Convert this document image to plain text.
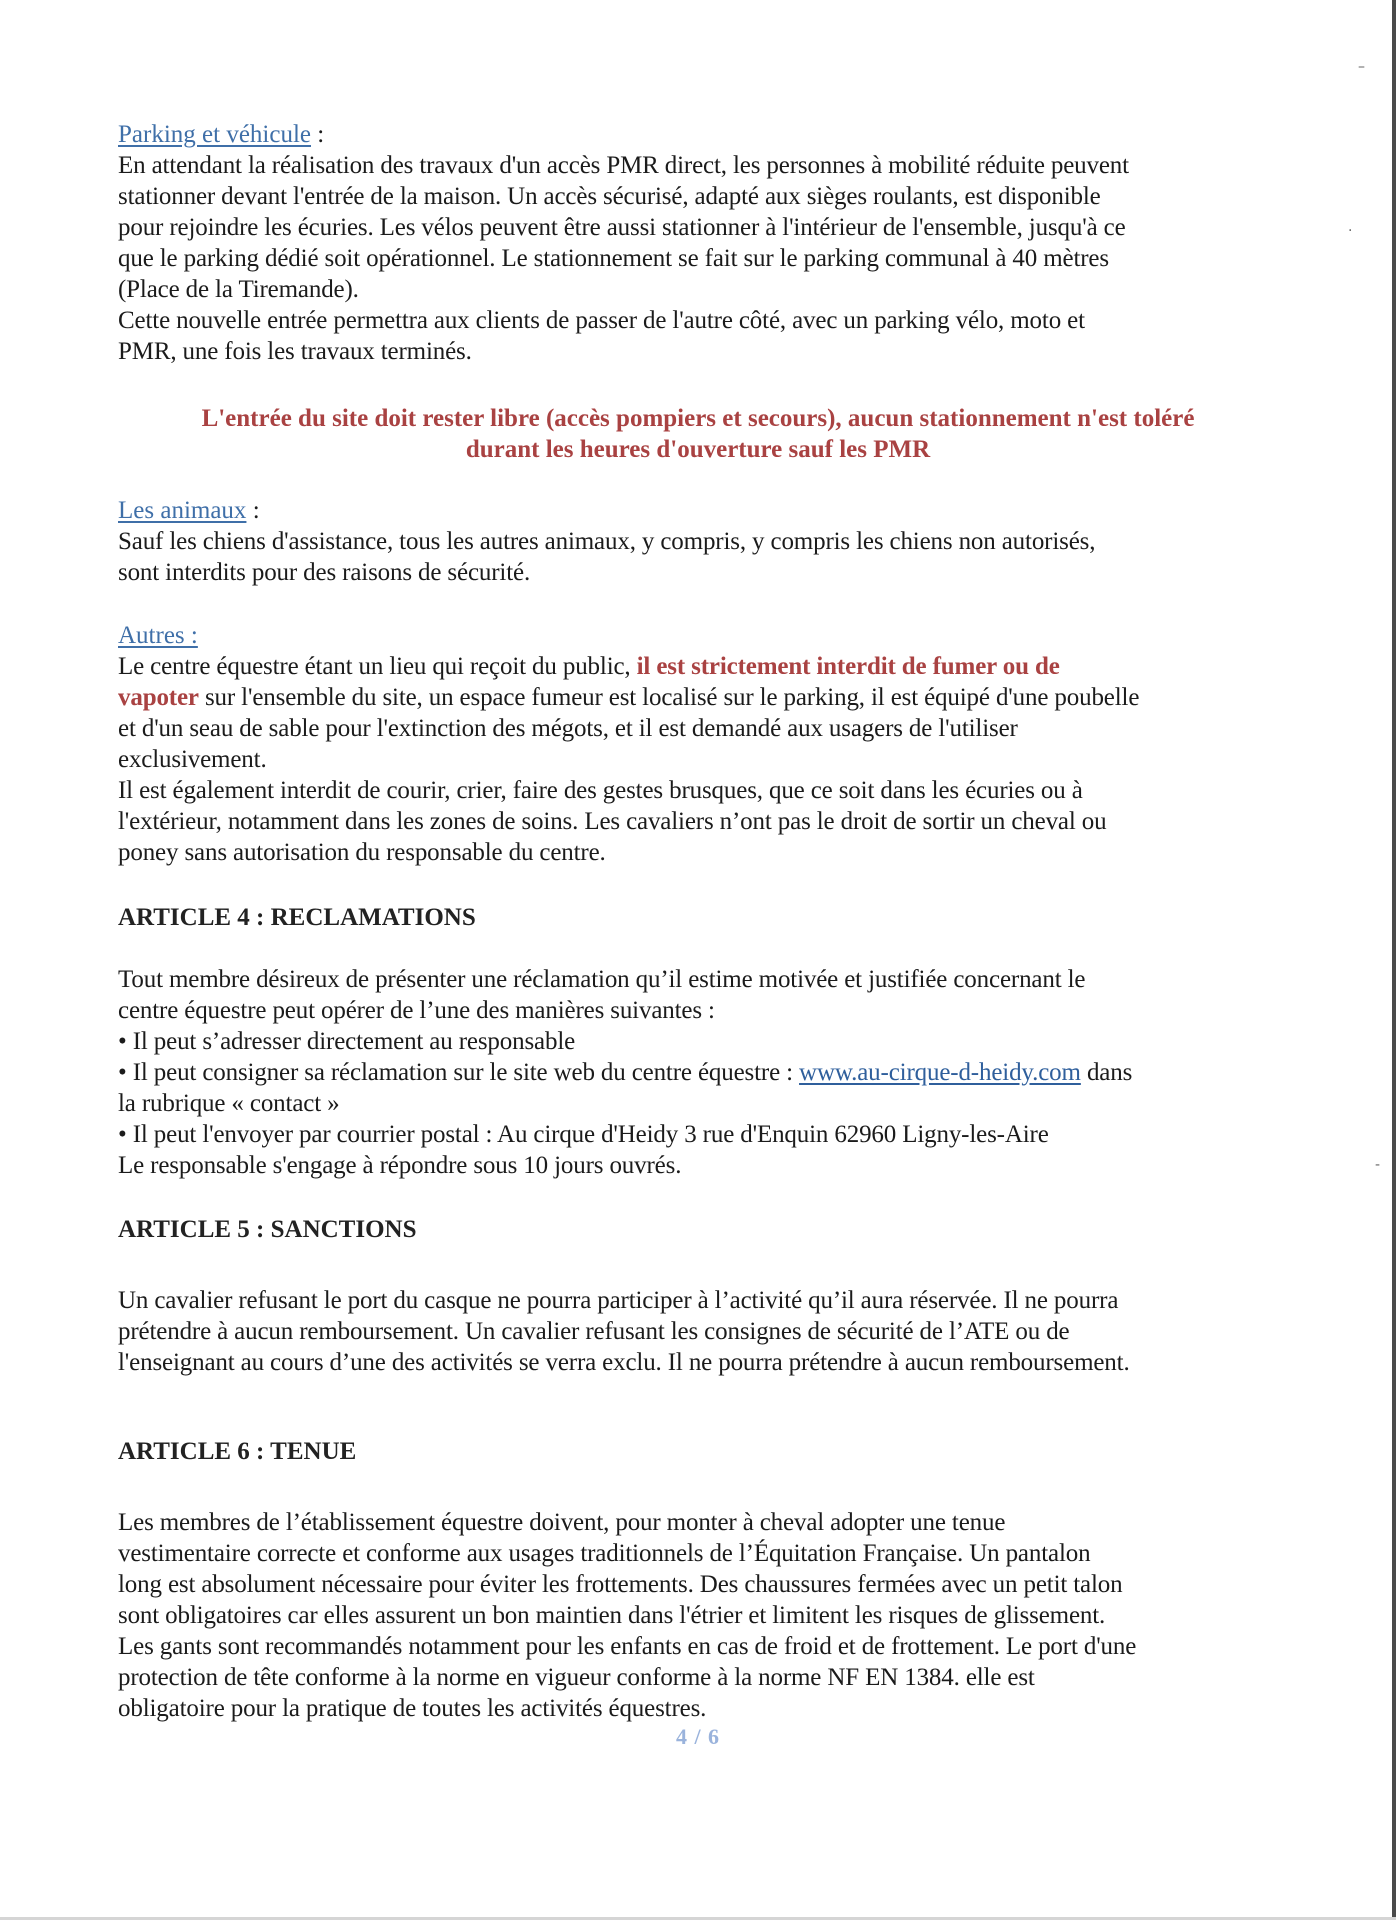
–
·
-
Parking et véhicule :
En attendant la réalisation des travaux d'un accès PMR direct, les personnes à mobilité réduite peuvent
stationner devant l'entrée de la maison. Un accès sécurisé, adapté aux sièges roulants, est disponible
pour rejoindre les écuries. Les vélos peuvent être aussi stationner à l'intérieur de l'ensemble, jusqu'à ce
que le parking dédié soit opérationnel. Le stationnement se fait sur le parking communal à 40 mètres
(Place de la Tiremande).
Cette nouvelle entrée permettra aux clients de passer de l'autre côté, avec un parking vélo, moto et
PMR, une fois les travaux terminés.
L'entrée du site doit rester libre (accès pompiers et secours), aucun stationnement n'est toléré
durant les heures d'ouverture sauf les PMR
Les animaux :
Sauf les chiens d'assistance, tous les autres animaux, y compris, y compris les chiens non autorisés,
sont interdits pour des raisons de sécurité.
Autres :
Le centre équestre étant un lieu qui reçoit du public, il est strictement interdit de fumer ou de
vapoter sur l'ensemble du site, un espace fumeur est localisé sur le parking, il est équipé d'une poubelle
et d'un seau de sable pour l'extinction des mégots, et il est demandé aux usagers de l'utiliser
exclusivement.
Il est également interdit de courir, crier, faire des gestes brusques, que ce soit dans les écuries ou à
l'extérieur, notamment dans les zones de soins. Les cavaliers n’ont pas le droit de sortir un cheval ou
poney sans autorisation du responsable du centre.
ARTICLE 4 : RECLAMATIONS
Tout membre désireux de présenter une réclamation qu’il estime motivée et justifiée concernant le
centre équestre peut opérer de l’une des manières suivantes :
• Il peut s’adresser directement au responsable
• Il peut consigner sa réclamation sur le site web du centre équestre : www.au-cirque-d-heidy.com dans
la rubrique « contact »
• Il peut l'envoyer par courrier postal : Au cirque d'Heidy 3 rue d'Enquin 62960 Ligny-les-Aire
Le responsable s'engage à répondre sous 10 jours ouvrés.
ARTICLE 5 : SANCTIONS
Un cavalier refusant le port du casque ne pourra participer à l’activité qu’il aura réservée. Il ne pourra
prétendre à aucun remboursement. Un cavalier refusant les consignes de sécurité de l’ATE ou de
l'enseignant au cours d’une des activités se verra exclu. Il ne pourra prétendre à aucun remboursement.
ARTICLE 6 : TENUE
Les membres de l’établissement équestre doivent, pour monter à cheval adopter une tenue
vestimentaire correcte et conforme aux usages traditionnels de l’Équitation Française. Un pantalon
long est absolument nécessaire pour éviter les frottements. Des chaussures fermées avec un petit talon
sont obligatoires car elles assurent un bon maintien dans l'étrier et limitent les risques de glissement.
Les gants sont recommandés notamment pour les enfants en cas de froid et de frottement. Le port d'une
protection de tête conforme à la norme en vigueur conforme à la norme NF EN 1384. elle est
obligatoire pour la pratique de toutes les activités équestres.
4 / 6
